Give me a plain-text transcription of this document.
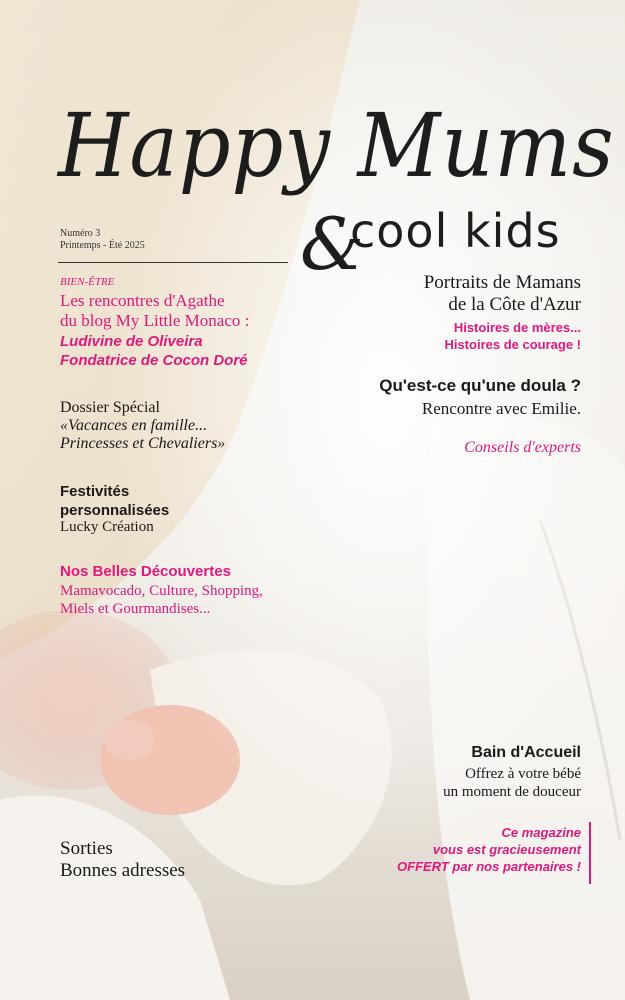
Happy Mums
&
cool kids
Numéro 3
Printemps - Été 2025
BIEN-ÊTRE
Les rencontres d'Agathe
du blog My Little Monaco :
Ludivine de Oliveira
Fondatrice de Cocon Doré
Dossier Spécial
«Vacances en famille...
Princesses et Chevaliers»
Festivités
personnalisées
Lucky Création
Nos Belles Découvertes
Mamavocado, Culture, Shopping,
Miels et Gourmandises...
Sorties
Bonnes adresses
Portraits de Mamans
de la Côte d'Azur
Histoires de mères...
Histoires de courage !
Qu'est-ce qu'une doula ?
Rencontre avec Emilie.
Conseils d'experts
Bain d'Accueil
Offrez à votre bébé
un moment de douceur
Ce magazine
vous est gracieusement
OFFERT par nos partenaires !
